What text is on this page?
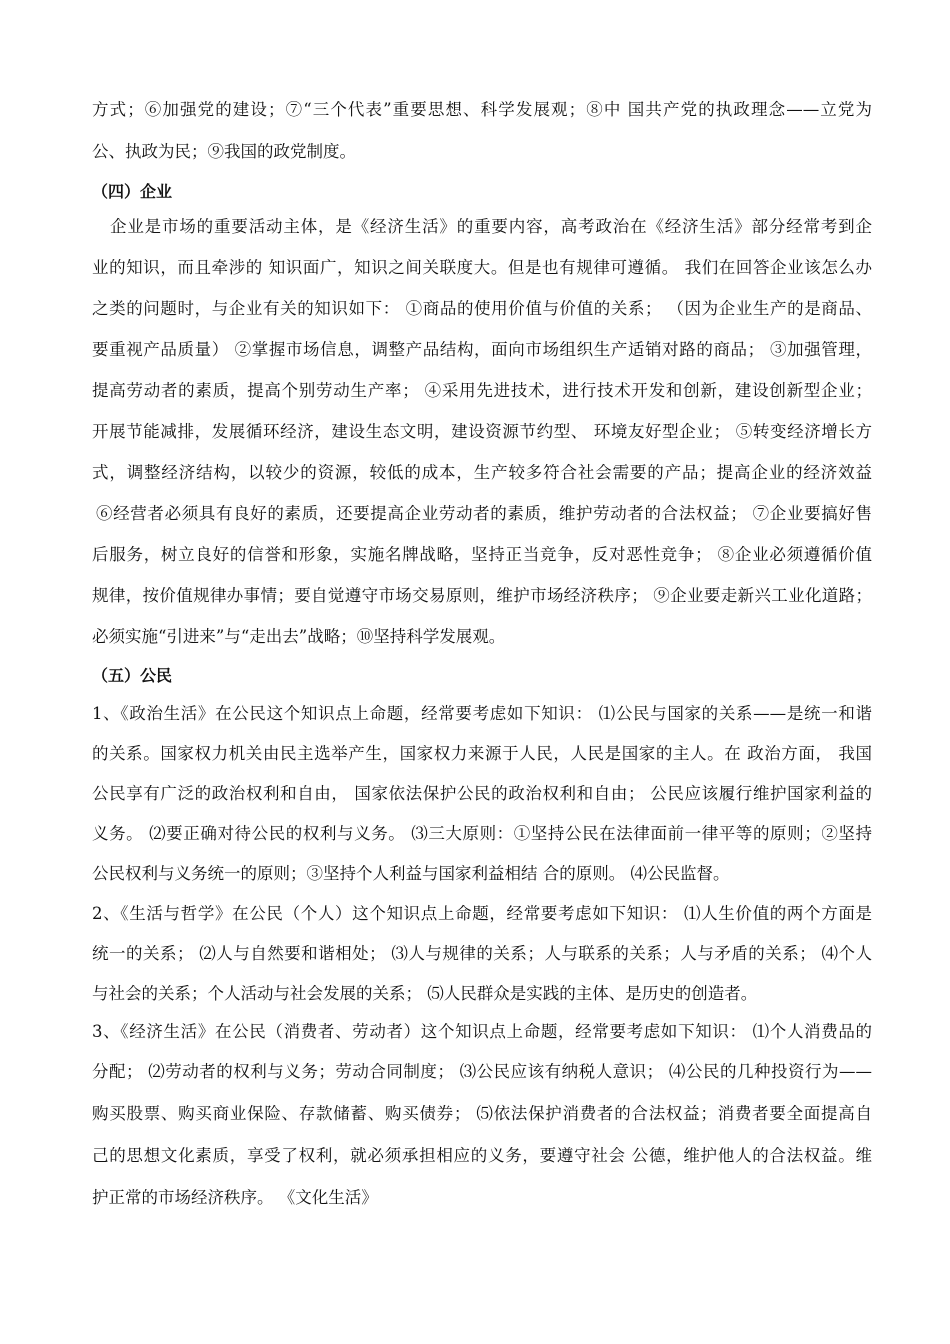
方式；⑥加强党的建设；⑦“三个代表”重要思想、科学发展观；⑧中 国共产党的执政理念——立党为
公、执政为民；⑨我国的政党制度。
（四）企业
企业是市场的重要活动主体，是《经济生活》的重要内容，高考政治在《经济生活》部分经常考到企
业的知识，而且牵涉的 知识面广，知识之间关联度大。但是也有规律可遵循。 我们在回答企业该怎么办
之类的问题时，与企业有关的知识如下： ①商品的使用价值与价值的关系； （因为企业生产的是商品、
要重视产品质量） ②掌握市场信息，调整产品结构，面向市场组织生产适销对路的商品； ③加强管理，
提高劳动者的素质，提高个别劳动生产率； ④采用先进技术，进行技术开发和创新，建设创新型企业；
开展节能减排，发展循环经济，建设生态文明，建设资源节约型、 环境友好型企业； ⑤转变经济增长方
式，调整经济结构，以较少的资源，较低的成本，生产较多符合社会需要的产品；提高企业的经济效益
⑥经营者必须具有良好的素质，还要提高企业劳动者的素质，维护劳动者的合法权益； ⑦企业要搞好售
后服务，树立良好的信誉和形象，实施名牌战略，坚持正当竞争，反对恶性竞争； ⑧企业必须遵循价值
规律，按价值规律办事情；要自觉遵守市场交易原则，维护市场经济秩序； ⑨企业要走新兴工业化道路；
必须实施“引进来”与“走出去”战略；⑩坚持科学发展观。
（五）公民
1、《政治生活》在公民这个知识点上命题，经常要考虑如下知识： ⑴公民与国家的关系——是统一和谐
的关系。国家权力机关由民主选举产生，国家权力来源于人民，人民是国家的主人。在 政治方面， 我国
公民享有广泛的政治权利和自由， 国家依法保护公民的政治权利和自由； 公民应该履行维护国家利益的
义务。 ⑵要正确对待公民的权利与义务。 ⑶三大原则：①坚持公民在法律面前一律平等的原则；②坚持
公民权利与义务统一的原则；③坚持个人利益与国家利益相结 合的原则。 ⑷公民监督。
2、《生活与哲学》在公民（个人）这个知识点上命题，经常要考虑如下知识： ⑴人生价值的两个方面是
统一的关系； ⑵人与自然要和谐相处； ⑶人与规律的关系；人与联系的关系；人与矛盾的关系； ⑷个人
与社会的关系；个人活动与社会发展的关系； ⑸人民群众是实践的主体、是历史的创造者。
3、《经济生活》在公民（消费者、劳动者）这个知识点上命题，经常要考虑如下知识： ⑴个人消费品的
分配； ⑵劳动者的权利与义务；劳动合同制度； ⑶公民应该有纳税人意识； ⑷公民的几种投资行为——
购买股票、购买商业保险、存款储蓄、购买债券； ⑸依法保护消费者的合法权益；消费者要全面提高自
己的思想文化素质，享受了权利，就必须承担相应的义务，要遵守社会 公德，维护他人的合法权益。维
护正常的市场经济秩序。 《文化生活》
